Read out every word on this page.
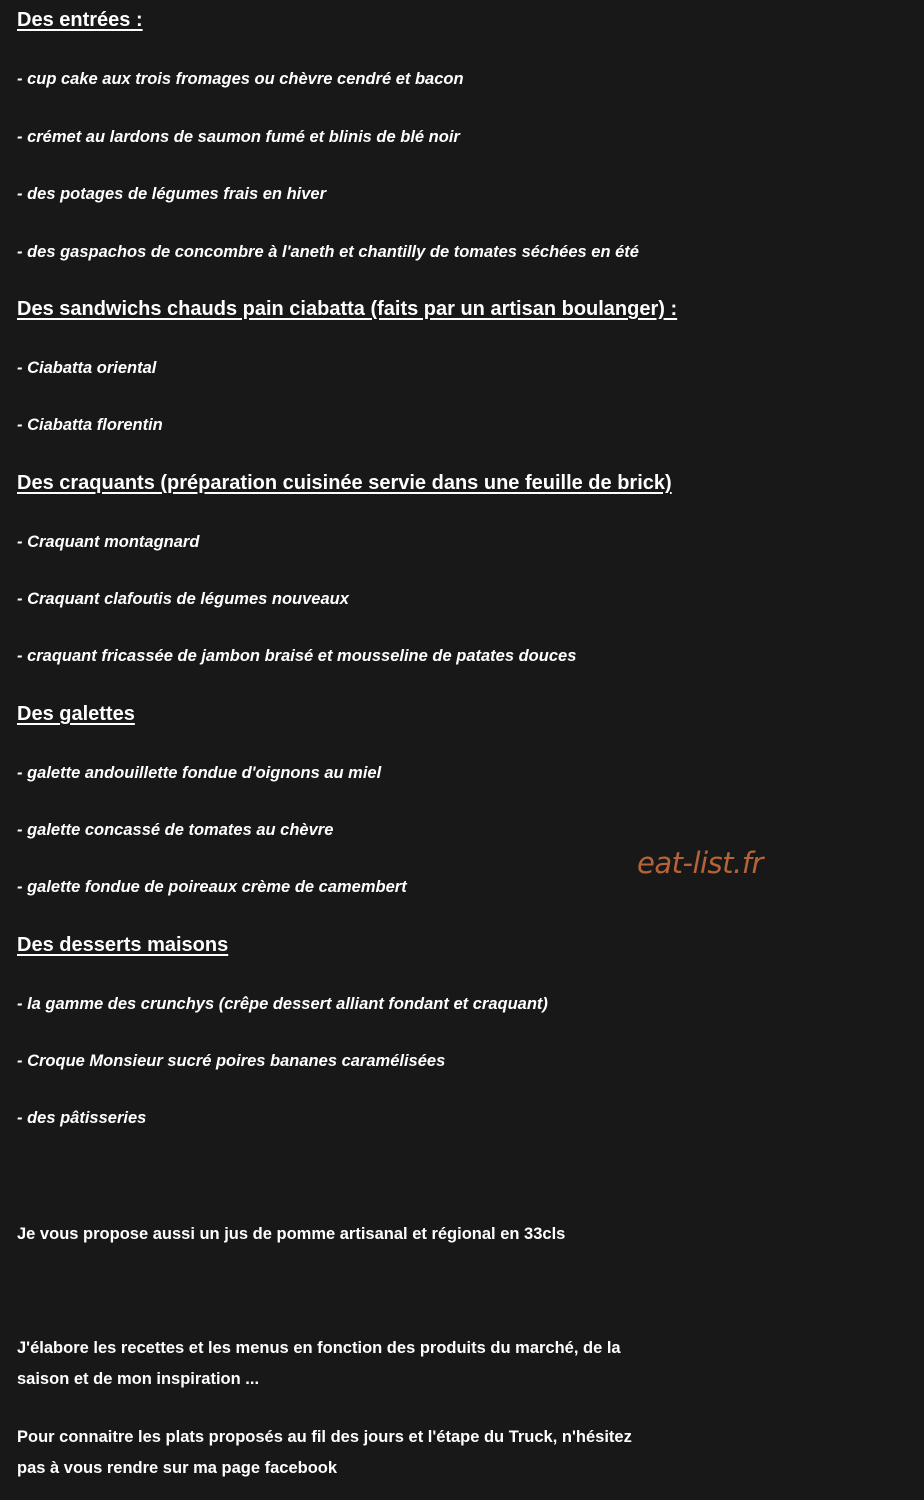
Des entrées :
- cup cake aux trois fromages ou chèvre cendré et bacon
- crémet au lardons de saumon fumé et blinis de blé noir
- des potages de légumes frais en hiver
- des gaspachos de concombre à l'aneth et chantilly de tomates séchées en été
Des sandwichs chauds pain ciabatta (faits par un artisan boulanger) :
- Ciabatta oriental
- Ciabatta florentin
Des craquants (préparation cuisinée servie dans une feuille de brick)
- Craquant montagnard
- Craquant clafoutis de légumes nouveaux
- craquant fricassée de jambon braisé et mousseline de patates douces
Des galettes
- galette andouillette fondue d'oignons au miel
- galette concassé de tomates au chèvre
- galette fondue de poireaux crème de camembert
Des desserts maisons
- la gamme des crunchys (crêpe dessert alliant fondant et craquant)
- Croque Monsieur sucré poires bananes caramélisées
- des pâtisseries
Je vous propose aussi un jus de pomme artisanal et régional en 33cls
J'élabore les recettes et les menus en fonction des produits du marché, de la
saison et de mon inspiration ...
Pour connaitre les plats proposés au fil des jours et l'étape du Truck, n'hésitez
pas à vous rendre sur ma page facebook
eat-list.fr
